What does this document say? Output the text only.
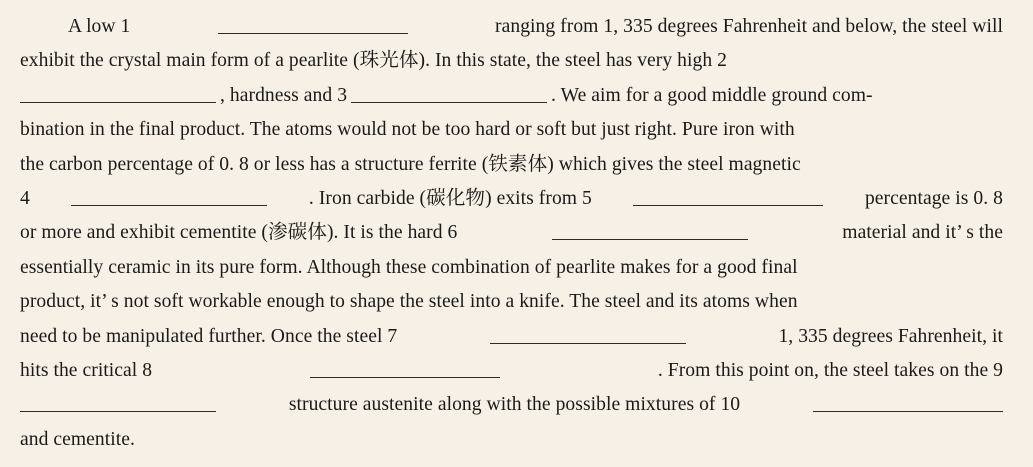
A low 1	ranging from 1, 335 degrees Fahrenheit and below, the steel will
exhibit the crystal main form of a pearlite (珠光体). In this state, the steel has very high 2
, hardness and 3	. We aim for a good middle ground com-
bination in the final product. The atoms would not be too hard or soft but just right. Pure iron with
the carbon percentage of 0. 8 or less has a structure ferrite (铁素体) which gives the steel magnetic
4	. Iron carbide (碳化物) exits from 5	percentage is 0. 8
or more and exhibit cementite (渗碳体). It is the hard 6	material and it’ s the
essentially ceramic in its pure form. Although these combination of pearlite makes for a good final
product, it’ s not soft workable enough to shape the steel into a knife. The steel and its atoms when
need to be manipulated further. Once the steel 7	1, 335 degrees Fahrenheit, it
hits the critical 8	. From this point on, the steel takes on the 9
structure austenite along with the possible mixtures of 10
and cementite.
